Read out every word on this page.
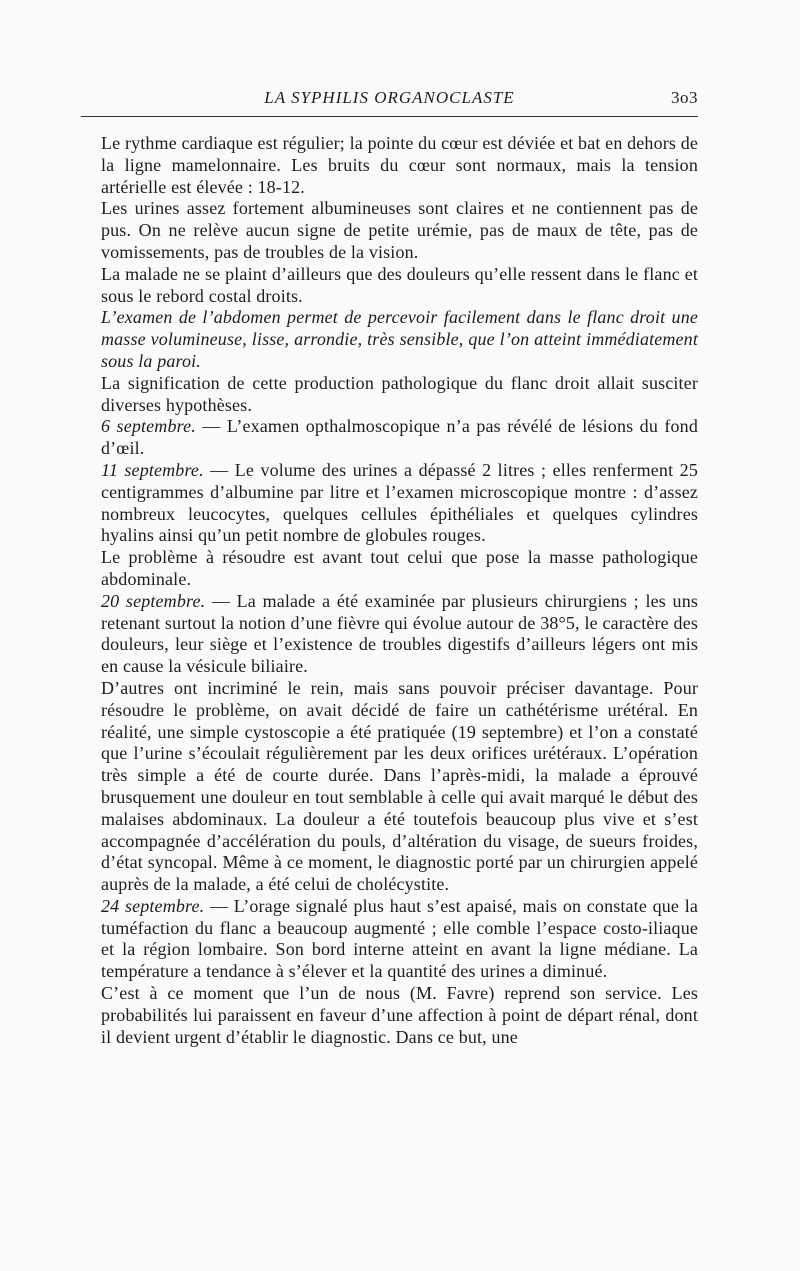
LA SYPHILIS ORGANOCLASTE	3o3

Le rythme cardiaque est régulier; la pointe du cœur est déviée et bat en dehors de la ligne mamelonnaire. Les bruits du cœur sont normaux, mais la tension artérielle est élevée : 18-12.

Les urines assez fortement albumineuses sont claires et ne contiennent pas de pus. On ne relève aucun signe de petite urémie, pas de maux de tête, pas de vomissements, pas de troubles de la vision.

La malade ne se plaint d’ailleurs que des douleurs qu’elle ressent dans le flanc et sous le rebord costal droits.

L’examen de l’abdomen permet de percevoir facilement dans le flanc droit une masse volumineuse, lisse, arrondie, très sensible, que l’on atteint immédiatement sous la paroi.

La signification de cette production pathologique du flanc droit allait susciter diverses hypothèses.

6 septembre. — L’examen opthalmoscopique n’a pas révélé de lésions du fond d’œil.

11 septembre. — Le volume des urines a dépassé 2 litres ; elles renferment 25 centigrammes d’albumine par litre et l’examen microscopique montre : d’assez nombreux leucocytes, quelques cellules épithéliales et quelques cylindres hyalins ainsi qu’un petit nombre de globules rouges.

Le problème à résoudre est avant tout celui que pose la masse pathologique abdominale.

20 septembre. — La malade a été examinée par plusieurs chirurgiens ; les uns retenant surtout la notion d’une fièvre qui évolue autour de 38°5, le caractère des douleurs, leur siège et l’existence de troubles digestifs d’ailleurs légers ont mis en cause la vésicule biliaire.

D’autres ont incriminé le rein, mais sans pouvoir préciser davantage. Pour résoudre le problème, on avait décidé de faire un cathétérisme urétéral. En réalité, une simple cystoscopie a été pratiquée (19 septembre) et l’on a constaté que l’urine s’écoulait régulièrement par les deux orifices urétéraux. L’opération très simple a été de courte durée. Dans l’après-midi, la malade a éprouvé brusquement une douleur en tout semblable à celle qui avait marqué le début des malaises abdominaux. La douleur a été toutefois beaucoup plus vive et s’est accompagnée d’accélération du pouls, d’altération du visage, de sueurs froides, d’état syncopal. Même à ce moment, le diagnostic porté par un chirurgien appelé auprès de la malade, a été celui de cholécystite.

24 septembre. — L’orage signalé plus haut s’est apaisé, mais on constate que la tuméfaction du flanc a beaucoup augmenté ; elle comble l’espace costo-iliaque et la région lombaire. Son bord interne atteint en avant la ligne médiane. La température a tendance à s’élever et la quantité des urines a diminué.

C’est à ce moment que l’un de nous (M. Favre) reprend son service. Les probabilités lui paraissent en faveur d’une affection à point de départ rénal, dont il devient urgent d’établir le diagnostic. Dans ce but, une
